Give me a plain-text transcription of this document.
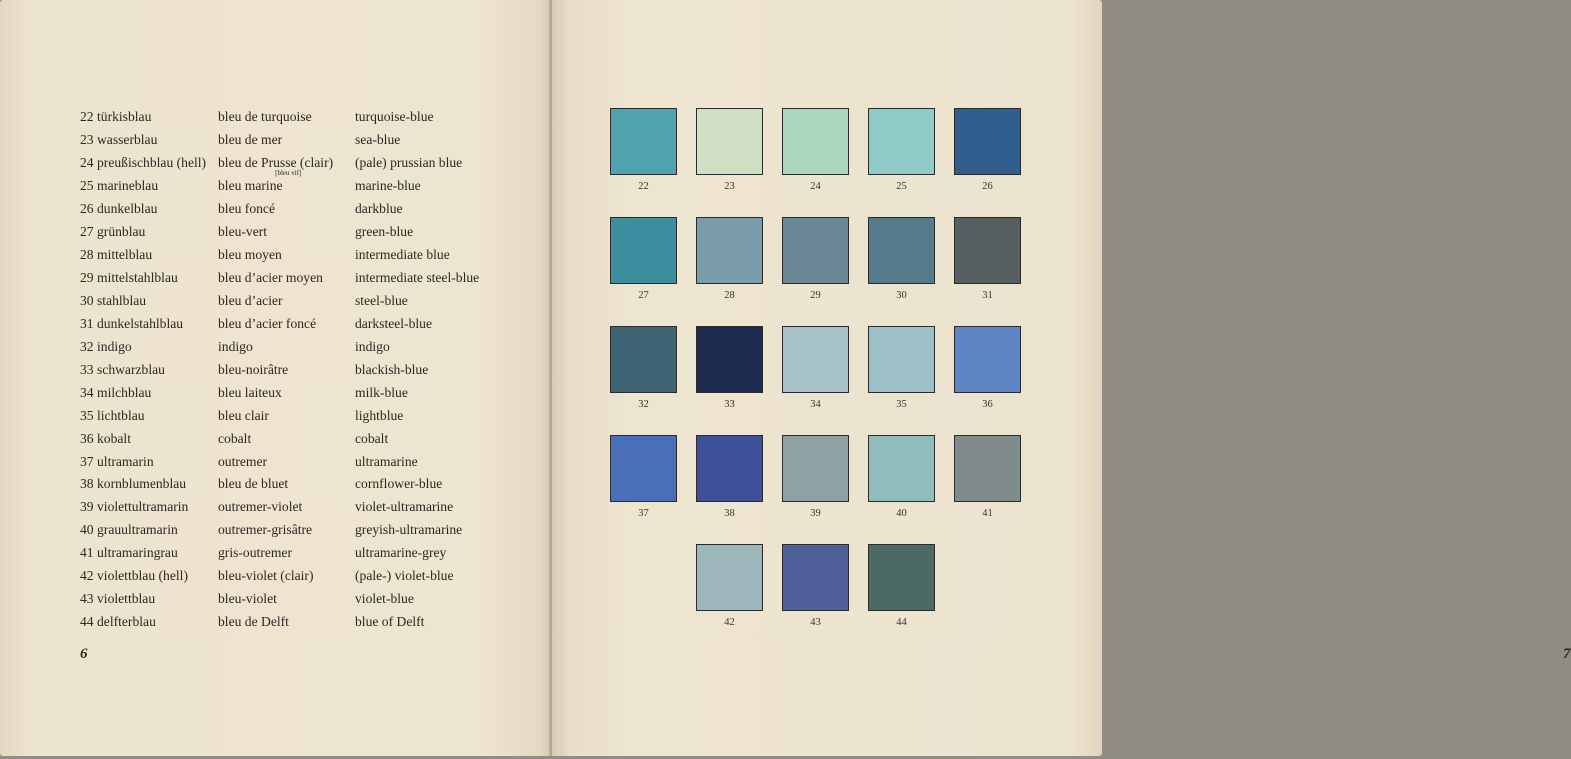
22 türkisblau	bleu de turquoise	turquoise-blue
23 wasserblau	bleu de mer	sea-blue
24 preußischblau (hell)	bleu de Prusse (clair)[bleu vif]	(pale) prussian blue
25 marineblau	bleu marine	marine-blue
26 dunkelblau	bleu foncé	darkblue
27 grünblau	bleu-vert	green-blue
28 mittelblau	bleu moyen	intermediate blue
29 mittelstahlblau	bleu d’acier moyen	intermediate steel-blue
30 stahlblau	bleu d’acier	steel-blue
31 dunkelstahlblau	bleu d’acier foncé	darksteel-blue
32 indigo	indigo	indigo
33 schwarzblau	bleu-noirâtre	blackish-blue
34 milchblau	bleu laiteux	milk-blue
35 lichtblau	bleu clair	lightblue
36 kobalt	cobalt	cobalt
37 ultramarin	outremer	ultramarine
38 kornblumenblau	bleu de bluet	cornflower-blue
39 violettultramarin	outremer-violet	violet-ultramarine
40 grauultramarin	outremer-grisâtre	greyish-ultramarine
41 ultramaringrau	gris-outremer	ultramarine-grey
42 violettblau (hell)	bleu-violet (clair)	(pale-) violet-blue
43 violettblau	bleu-violet	violet-blue
44 delfterblau	bleu de Delft	blue of Delft
6
22	23	24	25	26
27	28	29	30	31
32	33	34	35	36
37	38	39	40	41
42	43	44
7
